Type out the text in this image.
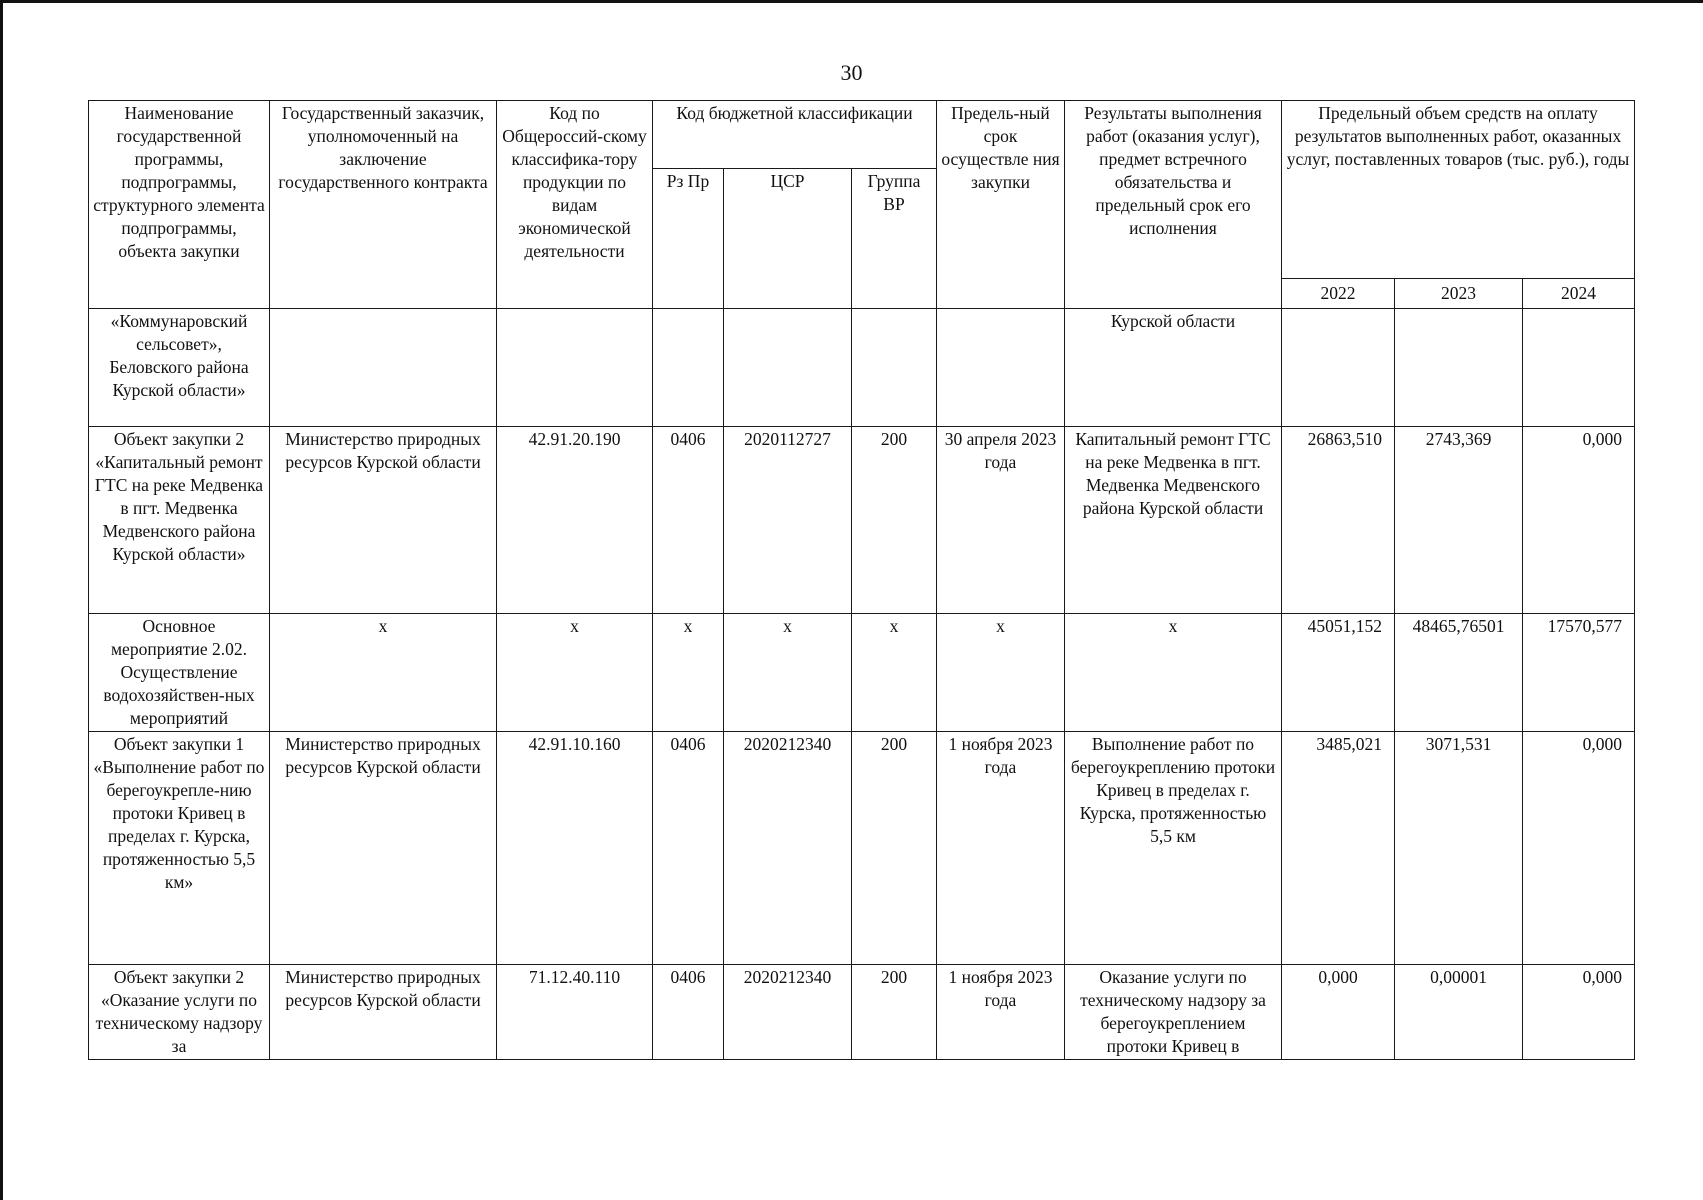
30
Наименование государственной программы, подпрограммы, структурного элемента подпрограммы, объекта закупки	Государственный заказчик, уполномоченный на заключение государственного контракта	Код по Общероссий-скому классифика-тору продукции по видам экономической деятельности	Код бюджетной классификации			Предель-ный срок осуществле ния закупки	Результаты выполнения работ (оказания услуг), предмет встречного обязательства и предельный срок его исполнения	Предельный объем средств на оплату результатов выполненных работ, оказанных услуг, поставленных товаров (тыс. руб.), годы		
			Рз Пр	ЦСР	Группа ВР					
								2022	2023	2024
«Коммунаровский сельсовет», Беловского района Курской области»							Курской области			
Объект закупки 2 «Капитальный ремонт ГТС на реке Медвенка в пгт. Медвенка Медвенского района Курской области»	Министерство природных ресурсов Курской области	42.91.20.190	0406	2020112727	200	30 апреля 2023 года	Капитальный ремонт ГТС на реке Медвенка в пгт. Медвенка Медвенского района Курской области	26863,510	2743,369	0,000
Основное мероприятие 2.02. Осуществление водохозяйствен-ных мероприятий	х	х	х	х	х	х	х	45051,152	48465,76501	17570,577
Объект закупки 1 «Выполнение работ по берегоукрепле-нию протоки Кривец в пределах г. Курска, протяженностью 5,5 км»	Министерство природных ресурсов Курской области	42.91.10.160	0406	2020212340	200	1 ноября 2023 года	Выполнение работ по берегоукреплению протоки Кривец в пределах г. Курска, протяженностью 5,5 км	3485,021	3071,531	0,000
Объект закупки 2 «Оказание услуги по техническому надзору за	Министерство природных ресурсов Курской области	71.12.40.110	0406	2020212340	200	1 ноября 2023 года	Оказание услуги по техническому надзору за берегоукреплением протоки Кривец в	0,000	0,00001	0,000
